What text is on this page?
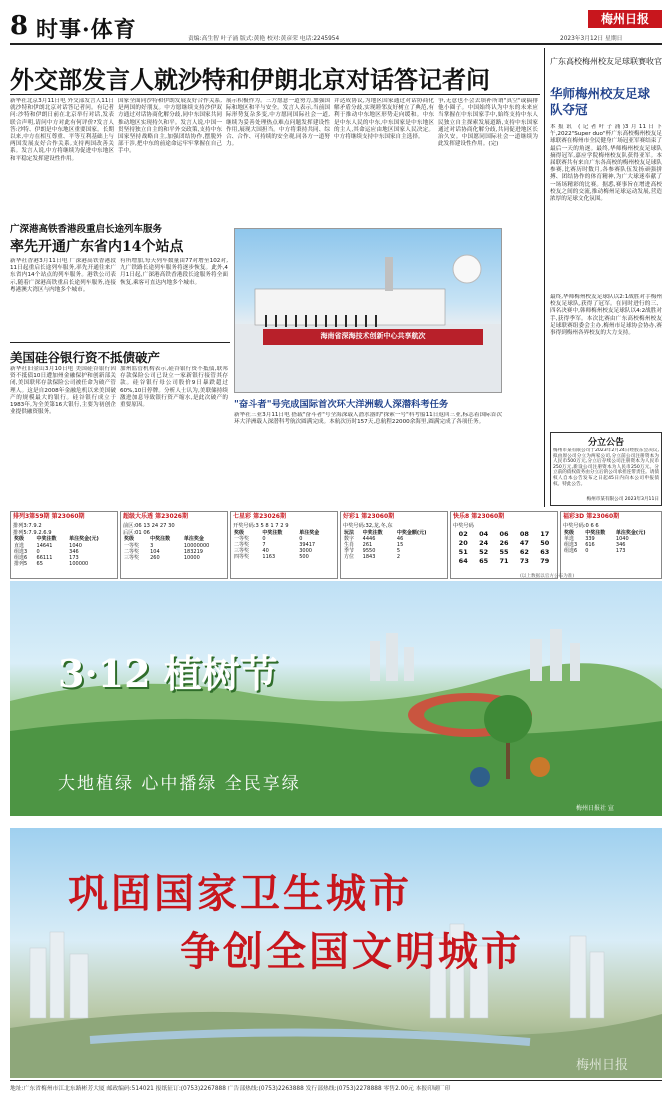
8 时事·体育	责编:高生智 叶子涌 版式:黄艳 校对:黄彦荣 电话:2245954
梅州日报
2023年3月12日 星期日
外交部发言人就沙特和伊朗北京对话答记者问
新华社北京3月11日电 外交部发言人11日就沙特和伊朗北京对话答记者问。有记者问:沙特和伊朗日前在北京举行对话,发表联合声明,请问中方对此有何评价?发言人答:沙特、伊朗是中东地区重要国家。长期以来,中方在相互尊重、平等互利基础上与两国发展友好合作关系,支持两国改善关系。发言人说,中方将继续为促进中东地区和平稳定发挥建设性作用。
国家全面同沙特和伊朗发展友好合作关系,是两国的好朋友。中方愿继续支持沙伊双方通过对话协商化解分歧,同中东国家共同推动地区实现持久和平。发言人说,中国一贯坚持独立自主的和平外交政策,支持中东国家坚持战略自主,加强团结协作,摆脱外部干涉,把中东的前途命运牢牢掌握在自己手中。
展示积极作为。三方愿意一道努力,加强国际和地区和平与安全。发言人表示,当前国际形势复杂多变,中方愿同国际社会一道,继续为妥善处理热点难点问题发挥建设性作用,展现大国担当。中方将秉持共同、综合、合作、可持续的安全观,同各方一道努力。
并达成协议,为地区国家通过对话协商化解矛盾分歧,实现睦邻友好树立了典范,有利于推动中东地区形势走向缓和。中东是中东人民的中东,中东国家是中东地区的主人,其命运应由地区国家人民决定。中方将继续支持中东国家自主选择。
争,无意也不会去填补所谓"真空"或搞排他小圈子。中国始终认为中东的未来应当掌握在中东国家手中,始终支持中东人民独立自主探索发展道路,支持中东国家通过对话协商化解分歧,共同促进地区长治久安。中国愿同国际社会一道继续为此发挥建设性作用。(完)
广深港高铁香港段重启长途列车服务
率先开通广东省内14个站点
新华社香港3月11日电 广深港高铁香港段11日起重启长途列车服务,率先开通往来广东省内14个站点的列车服务。港铁公司表示,随着广深港高铁重启长途列车服务,连接粤港澳大湾区与内地多个城市。
有所增加,每天列车数量由77对增至102对,九广铁路长途列车服务将逐步恢复。此外,4月1日起,广深港高铁香港段长途服务将全面恢复,乘客可直达内地多个城市。
美国硅谷银行资不抵债破产
新华社旧金山3月10日电 美国硅谷银行因资不抵债10日遭加州金融保护和创新部关闭,美国联邦存款保险公司被任命为破产管理人。这是自2008年金融危机以来美国破产的规模最大的银行。硅谷银行成立于1983年,为全美第16大银行,主要为初创企业提供融资服务。
加州监管机构表示,硅谷银行资不抵债,联邦存款保险公司已设立一家新银行接管其存款。硅谷银行母公司股价9日暴跌超过60%,10日停牌。分析人士认为,美联储持续激进加息导致银行资产缩水,是此次破产的重要原因。
海南省深海技术创新中心共享航次
"奋斗者"号完成国际首次环大洋洲载人深潜科考任务
新华社三亚3月11日电 搭载"奋斗者"号全海深载人潜水器的"探索一号"科考船11日返回三亚,标志着国际首次环大洋洲载人深潜科考航次圆满完成。本航次历时157天,总航程22000余海里,圆满完成了各项任务。
广东高校梅州校友足球联赛收官
华师梅州校友足球队夺冠
本报讯 (记者叶子涌)3月11日下午,2022"Super duo"杯广东高校梅州校友足球联赛在梅州市全民健身广场冠亚军赛结束了最后一天的角逐。最终,华师梅州校友足球队摘得冠军,嘉应学院梅州校友队获得亚军。本届联赛共有来自广东各高校的梅州校友足球队参赛,比赛历时数月,各参赛队伍发扬顽强拼搏、团结协作的体育精神,为广大球迷奉献了一场场精彩的比赛。据悉,赛事旨在增进高校校友之间的交流,推动梅州足球运动发展,营造浓厚的足球文化氛围。
最终,华师梅州校友足球队以2:1战胜对手梅州校友足球队,获得了冠军。在同时进行的三、四名决赛中,韩师梅州校友足球队以4:2战胜对手,获得季军。本次比赛由广东高校梅州校友足球联赛组委会主办,梅州市足球协会协办,赛事得到梅州各界校友的大力支持。
分立公告
梅州市某有限公司于2023年2月24日经股东会决议,拟由原公司分立为两家公司,分立前公司注册资本为人民币500万元,分立后存续公司注册资本为人民币250万元,新设公司注册资本为人民币250万元。分立前的债权债务由分立后的公司承担连带责任。请债权人自本公告发布之日起45日内向本公司申报债权。特此公告。
梅州市某有限公司 2023年3月11日
排列3第59期 第23060期
排列3:7.9.2
排列5:7.9.2.6.9
奖级	中奖注数	单注奖金(元)
直选	14641	1040
组选3	0	346
组选6	66111	173
排列5	65	100000
超级大乐透 第23026期
前区:06 13 24 27 30
后区:01 06
奖级	中奖注数	单注奖金
一等奖	3	10000000
二等奖	104	183219
三等奖	260	10000
七星彩 第23026期
开奖号码:3 5 8 1 7 2 9
奖级	中奖注数	单注奖金
一等奖	0	0
二等奖	7	39417
三等奖	40	3000
四等奖	1163	500
好彩1 第23060期
中奖号码:32,龙,冬,东
玩法	中奖注数	中奖金额(元)
数字	4446	46
生肖	261	15
季节	9550	5
方位	1843	2
快乐8 第23060期
中奖号码
02	04	06	08	17
20	24	26	47	50
51	52	55	62	63
64	65	71	73	79
福彩3D 第23060期
中奖号码:0 6 6
奖级	中奖注数	单注奖金(元)
单选	339	1040
组选3	616	346
组选6	0	173
(以上数据以官方公布为准)
3·12 植树节
大地植绿 心中播绿 全民享绿
梅州日报社 宣
巩固国家卫生城市
争创全国文明城市
梅州日报
地址:广东省梅州市江北东路彬芳大厦 邮政编码:514021 报纸征订:(0753)2267888 广告部热线:(0753)2263888 发行部热线:(0753)2278888 零售2.00元 本报印刷厂印
